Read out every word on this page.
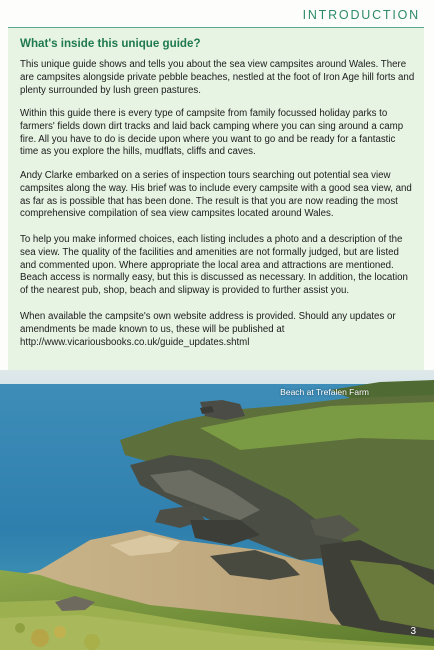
INTRODUCTION
What's inside this unique guide?

This unique guide shows and tells you about the sea view campsites around Wales. There are campsites alongside private pebble beaches, nestled at the foot of Iron Age hill forts and plenty surrounded by lush green pastures.

Within this guide there is every type of campsite from family focussed holiday parks to farmers' fields down dirt tracks and laid back camping where you can sing around a camp fire. All you have to do is decide upon where you want to go and be ready for a fantastic time as you explore the hills, mudflats, cliffs and caves.

Andy Clarke embarked on a series of inspection tours searching out potential sea view campsites along the way. His brief was to include every campsite with a good sea view, and as far as is possible that has been done. The result is that you are now reading the most comprehensive compilation of sea view campsites located around Wales.

To help you make informed choices, each listing includes a photo and a description of the sea view. The quality of the facilities and amenities are not formally judged, but are listed and commented upon. Where appropriate the local area and attractions are mentioned. Beach access is normally easy, but this is discussed as necessary. In addition, the location of the nearest pub, shop, beach and slipway is provided to further assist you.

When available the campsite's own website address is provided. Should any updates or amendments be made known to us, these will be published at http://www.vicariousbooks.co.uk/guide_updates.shtml

Beach at Trefalen Farm
3
